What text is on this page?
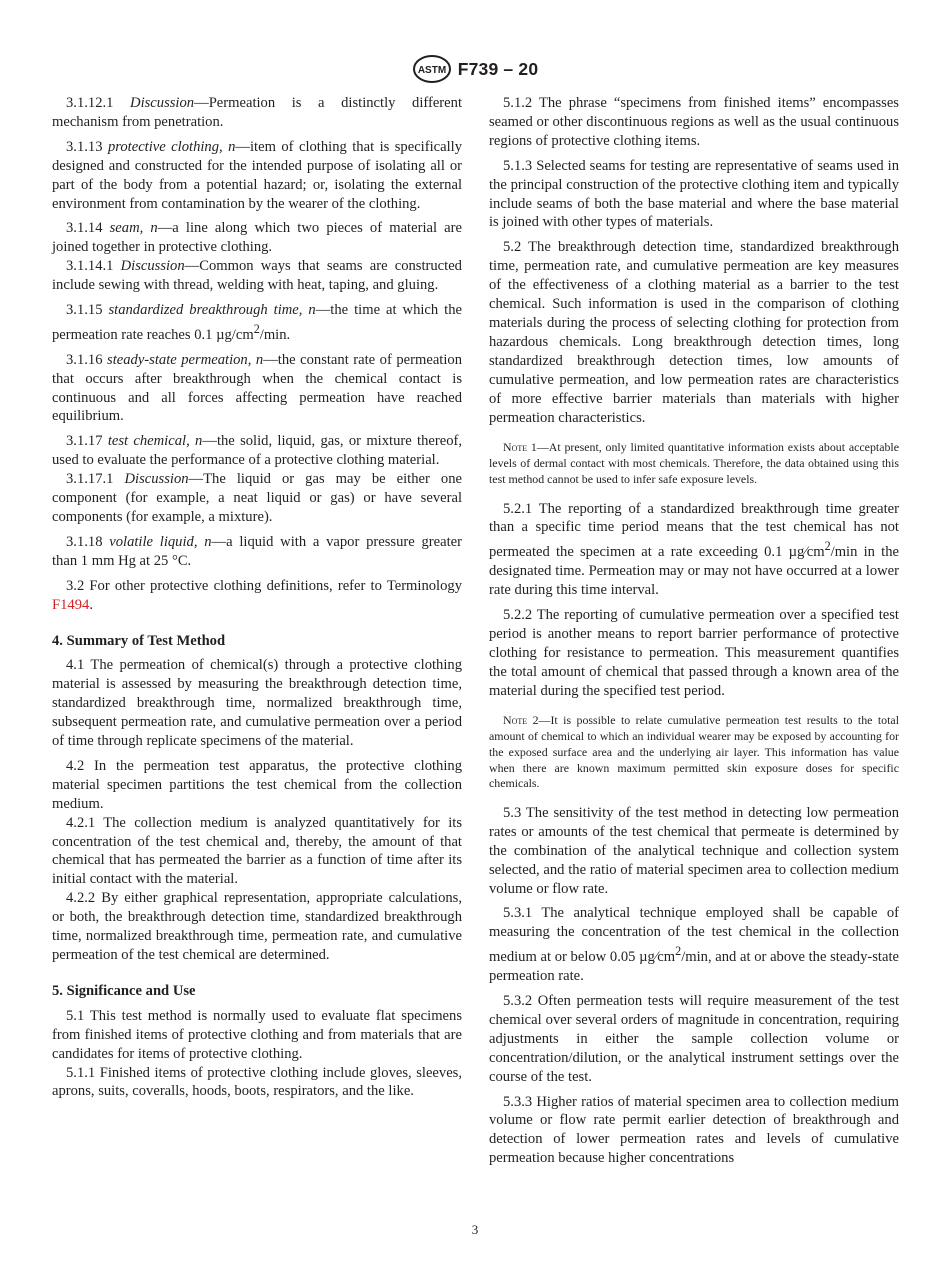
ASTM F739 – 20

3.1.12.1 Discussion—Permeation is a distinctly different mechanism from penetration.

3.1.13 protective clothing, n—item of clothing that is specifically designed and constructed for the intended purpose of isolating all or part of the body from a potential hazard; or, isolating the external environment from contamination by the wearer of the clothing.

3.1.14 seam, n—a line along which two pieces of material are joined together in protective clothing.

3.1.14.1 Discussion—Common ways that seams are constructed include sewing with thread, welding with heat, taping, and gluing.

3.1.15 standardized breakthrough time, n—the time at which the permeation rate reaches 0.1 $\mu g/cm^2/\min$.

3.1.16 steady-state permeation, n—the constant rate of permeation that occurs after breakthrough when the chemical contact is continuous and all forces affecting permeation have reached equilibrium.

3.1.17 test chemical, n—the solid, liquid, gas, or mixture thereof, used to evaluate the performance of a protective clothing material.

3.1.17.1 Discussion—The liquid or gas may be either one component (for example, a neat liquid or gas) or have several components (for example, a mixture).

3.1.18 volatile liquid, n—a liquid with a vapor pressure greater than 1 mm Hg at 25 °C.

3.2 For other protective clothing definitions, refer to Terminology F1494.

4. Summary of Test Method

4.1 The permeation of chemical(s) through a protective clothing material is assessed by measuring the breakthrough detection time, standardized breakthrough time, normalized breakthrough time, subsequent permeation rate, and cumulative permeation over a period of time through replicate specimens of the material.

4.2 In the permeation test apparatus, the protective clothing material specimen partitions the test chemical from the collection medium.

4.2.1 The collection medium is analyzed quantitatively for its concentration of the test chemical and, thereby, the amount of that chemical that has permeated the barrier as a function of time after its initial contact with the material.

4.2.2 By either graphical representation, appropriate calculations, or both, the breakthrough detection time, standardized breakthrough time, normalized breakthrough time, permeation rate, and cumulative permeation of the test chemical are determined.

5. Significance and Use

5.1 This test method is normally used to evaluate flat specimens from finished items of protective clothing and from materials that are candidates for items of protective clothing.

5.1.1 Finished items of protective clothing include gloves, sleeves, aprons, suits, coveralls, hoods, boots, respirators, and the like.

5.1.2 The phrase “specimens from finished items” encompasses seamed or other discontinuous regions as well as the usual continuous regions of protective clothing items.

5.1.3 Selected seams for testing are representative of seams used in the principal construction of the protective clothing item and typically include seams of both the base material and where the base material is joined with other types of materials.

5.2 The breakthrough detection time, standardized breakthrough time, permeation rate, and cumulative permeation are key measures of the effectiveness of a clothing material as a barrier to the test chemical. Such information is used in the comparison of clothing materials during the process of selecting clothing for protection from hazardous chemicals. Long breakthrough detection times, long standardized breakthrough detection times, low amounts of cumulative permeation, and low permeation rates are characteristics of more effective barrier materials than materials with higher permeation characteristics.

Note 1—At present, only limited quantitative information exists about acceptable levels of dermal contact with most chemicals. Therefore, the data obtained using this test method cannot be used to infer safe exposure levels.

5.2.1 The reporting of a standardized breakthrough time greater than a specific time period means that the test chemical has not permeated the specimen at a rate exceeding 0.1 $\mu g⁄cm^2/\min$ in the designated time. Permeation may or may not have occurred at a lower rate during this time interval.

5.2.2 The reporting of cumulative permeation over a specified test period is another means to report barrier performance of protective clothing for resistance to permeation. This measurement quantifies the total amount of chemical that passed through a known area of the material during the specified test period.

Note 2—It is possible to relate cumulative permeation test results to the total amount of chemical to which an individual wearer may be exposed by accounting for the exposed surface area and the underlying air layer. This information has value when there are known maximum permitted skin exposure doses for specific chemicals.

5.3 The sensitivity of the test method in detecting low permeation rates or amounts of the test chemical that permeate is determined by the combination of the analytical technique and collection system selected, and the ratio of material specimen area to collection medium volume or flow rate.

5.3.1 The analytical technique employed shall be capable of measuring the concentration of the test chemical in the collection medium at or below 0.05 $\mu g⁄cm^2/\min$, and at or above the steady-state permeation rate.

5.3.2 Often permeation tests will require measurement of the test chemical over several orders of magnitude in concentration, requiring adjustments in either the sample collection volume or concentration/dilution, or the analytical instrument settings over the course of the test.

5.3.3 Higher ratios of material specimen area to collection medium volume or flow rate permit earlier detection of breakthrough and detection of lower permeation rates and levels of cumulative permeation because higher concentrations

3
